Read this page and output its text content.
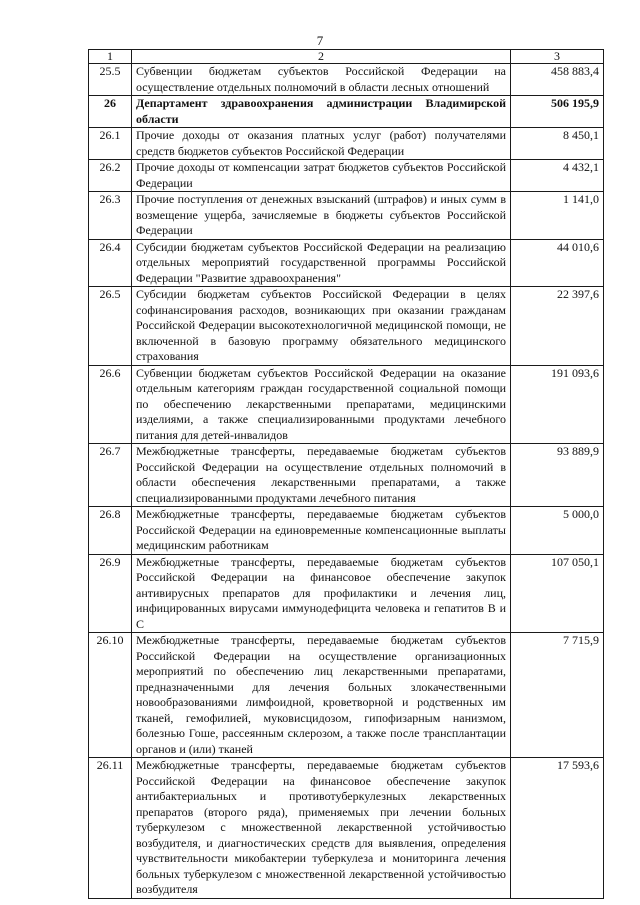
7
1	2	3
25.5	Субвенции бюджетам субъектов Российской Федерации на осуществление отдельных полномочий в области лесных отношений	458 883,4
26	Департамент здравоохранения администрации Владимирской области	506 195,9
26.1	Прочие доходы от оказания платных услуг (работ) получателями средств бюджетов субъектов Российской Федерации	8 450,1
26.2	Прочие доходы от компенсации затрат бюджетов субъектов Российской Федерации	4 432,1
26.3	Прочие поступления от денежных взысканий (штрафов) и иных сумм в возмещение ущерба, зачисляемые в бюджеты субъектов Российской Федерации	1 141,0
26.4	Субсидии бюджетам субъектов Российской Федерации на реализацию отдельных мероприятий государственной программы Российской Федерации "Развитие здравоохранения"	44 010,6
26.5	Субсидии бюджетам субъектов Российской Федерации в целях софинансирования расходов, возникающих при оказании гражданам Российской Федерации высокотехнологичной медицинской помощи, не включенной в базовую программу обязательного медицинского страхования	22 397,6
26.6	Субвенции бюджетам субъектов Российской Федерации на оказание отдельным категориям граждан государственной социальной помощи по обеспечению лекарственными препаратами, медицинскими изделиями, а также специализированными продуктами лечебного питания для детей-инвалидов	191 093,6
26.7	Межбюджетные трансферты, передаваемые бюджетам субъектов Российской Федерации на осуществление отдельных полномочий в области обеспечения лекарственными препаратами, а также специализированными продуктами лечебного питания	93 889,9
26.8	Межбюджетные трансферты, передаваемые бюджетам субъектов Российской Федерации на единовременные компенсационные выплаты медицинским работникам	5 000,0
26.9	Межбюджетные трансферты, передаваемые бюджетам субъектов Российской Федерации на финансовое обеспечение закупок антивирусных препаратов для профилактики и лечения лиц, инфицированных вирусами иммунодефицита человека и гепатитов B и C	107 050,1
26.10	Межбюджетные трансферты, передаваемые бюджетам субъектов Российской Федерации на осуществление организационных мероприятий по обеспечению лиц лекарственными препаратами, предназначенными для лечения больных злокачественными новообразованиями лимфоидной, кроветворной и родственных им тканей, гемофилией, муковисцидозом, гипофизарным нанизмом, болезнью Гоше, рассеянным склерозом, а также после трансплантации органов и (или) тканей	7 715,9
26.11	Межбюджетные трансферты, передаваемые бюджетам субъектов Российской Федерации на финансовое обеспечение закупок антибактериальных и противотуберкулезных лекарственных препаратов (второго ряда), применяемых при лечении больных туберкулезом с множественной лекарственной устойчивостью возбудителя, и диагностических средств для выявления, определения чувствительности микобактерии туберкулеза и мониторинга лечения больных туберкулезом с множественной лекарственной устойчивостью возбудителя	17 593,6
